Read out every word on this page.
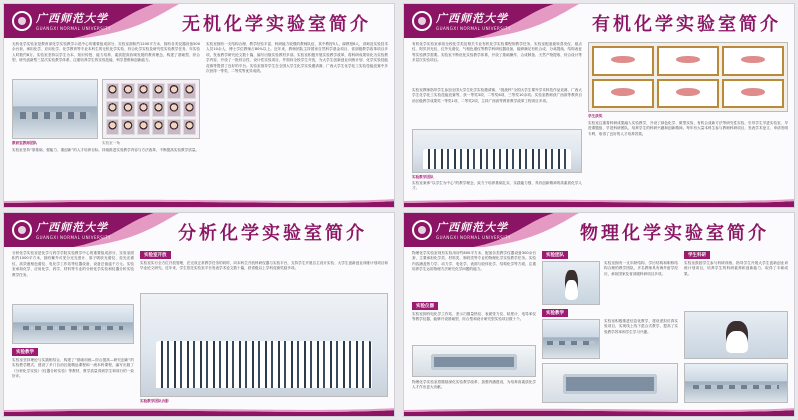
广西师范大学
GUANGXI NORMAL UNIVERSITY	无机化学实验室简介
无机化学实验室是教育部化学实验教学示范中心的重要组成部分，实验室面积约1200平方米，拥有各类仪器设备500余台套，承担化学、应用化学、化学教育等专业本科生的无机化学实验、综合化学实验及研究性实验教学任务，年实验人时数约8万。实验室坚持以学生为本、知识传授、能力培养、素质提高协调发展的教育理念，构建了基础型、综合型、研究创新型三层次实验教学体系，注重培养学生的实验技能、科学思维和创新能力。
教研室教师团队	实验室一角
实验室坚持“厚基础、强能力、重创新”的人才培养目标，持续推进实验教学内容与方法改革，不断提高实验教学质量。
实验室拥有一支结构合理、教学经验丰富、科研能力较强的教师队伍，其中教授5人、副教授8人、讲师及实验技术人员10余人，博士学位教师占80%以上。近年来，教师团队主持国家自然科学基金项目、省部级教学改革项目多项，发表教学研究论文数十篇，编写出版实验教材多部。实验室积极开展实验教学改革，将科研成果转化为实验教学内容，开设了一批综合性、设计性实验项目，并面向全校学生开放，为大学生创新创业训练计划、化学实验技能竞赛等提供了良好的平台。实验室指导学生在全国大学生化学实验邀请赛、广西大学生化学化工实验技能竞赛中多次获得一等奖、二等奖等优异成绩。
广西师范大学
GUANGXI NORMAL UNIVERSITY	有机化学实验室简介
有机化学实验室承担全校化学类及相关专业有机化学实验课程的教学任务，实验室配备旋转蒸发仪、熔点仪、阿贝折光仪、红外光谱仪、气相色谱仪等教学科研仪器设备，能够满足有机合成、分离提纯、结构表征等实验教学需要。实验室不断优化实验教学体系，开设了基础操作、合成制备、天然产物提取、综合设计等多层次实验项目。
实验室教师指导学生参加全国大学生化学实验邀请赛、“挑战杯”全国大学生课外学术科技作品竞赛、广西大学生化学化工实验技能竞赛等，获一等奖3项、二等奖6项、三等奖10余项。实验室教师获广西高等教育自治区级教学成果奖一等奖1项、二等奖2项，主持广西高等教育教学改革工程项目多项。
实验教学团队
实验室秉承“以学生为中心”的教学理念，致力于培养基础扎实、实践能力强、具有创新精神的高素质化学人才。
学生获奖
实验室注重将科研成果融入实验教学，开设了绿色化学、微型实验、有机合成新方法等研究性实验，引导学生早进实验室、早进课题组、早进科研团队，培养学生的科研兴趣和创新精神。每年有大量本科生参与教师科研项目，发表学术论文、申请发明专利，取得了良好的人才培养效果。
广西师范大学
GUANGXI NORMAL UNIVERSITY	分析化学实验室简介
分析化学实验室是化学与药学学院实验教学中心的重要组成部分，实验室面积约1000平方米，拥有紫外可见分光光度计、原子吸收光谱仪、荧光光谱仪、高效液相色谱仪、电化学工作站等仪器设备，设备总值逾千万元。实验室承担化学、应用化学、药学、材料等专业的分析化学实验和仪器分析实验教学任务。
实验教学
实验室坚持理论与实践相结合，构建了“基础训练—综合提高—研究创新”的实验教学模式，建设了多门自治区级精品课程和一流本科课程，编写出版了《分析化学实验》《仪器分析实验》等教材，教学质量得到学生和同行的一致好评。
实验室开放
实验室实行全方位开放管理，在完成正常教学任务的同时，向本科生开放科研仪器与实验平台，支持学生开展自主设计实验、大学生创新创业训练计划项目和毕业论文研究。近年来，学生依托实验室平台发表学术论文数十篇，获省级以上学科竞赛奖励多项。
实验教学团队合影
广西师范大学
GUANGXI NORMAL UNIVERSITY	物理化学实验室简介
物理化学实验室现有实验用房约800平方米，配备各类教学仪器设备300余台套，主要承担化学类、材料类、制药类等专业的物理化学实验教学任务。实验内容涵盖热力学、动力学、电化学、表面与胶体化学、结构化学等方面，注重培养学生运用物理方法研究化学问题的能力。
实验仪器
实验室拥有电化学工作站、差示扫描量热仪、表面张力仪、粘度计、电导率仪等教学仪器，能够开设基础型、综合型和设计研究型实验项目数十个。
物理化学实验室将继续深化实验教学改革，加强内涵建设，为培养高素质化学人才作出更大贡献。
实验团队
实验室拥有一支年龄结构、学历结构和职称结构合理的教学团队，多名教师具有海外留学经历，承担国家及省部级科研项目多项。
实验教学
实验室积极推进信息化教学，建设虚拟仿真实验项目，实现线上线下混合式教学，提高了实验教学效率和学生学习兴趣。
学生科研
实验室鼓励学生参与科研训练，指导学生开展大学生创新创业训练计划项目，培养学生的科研素养和创新能力，取得了丰硕成果。
